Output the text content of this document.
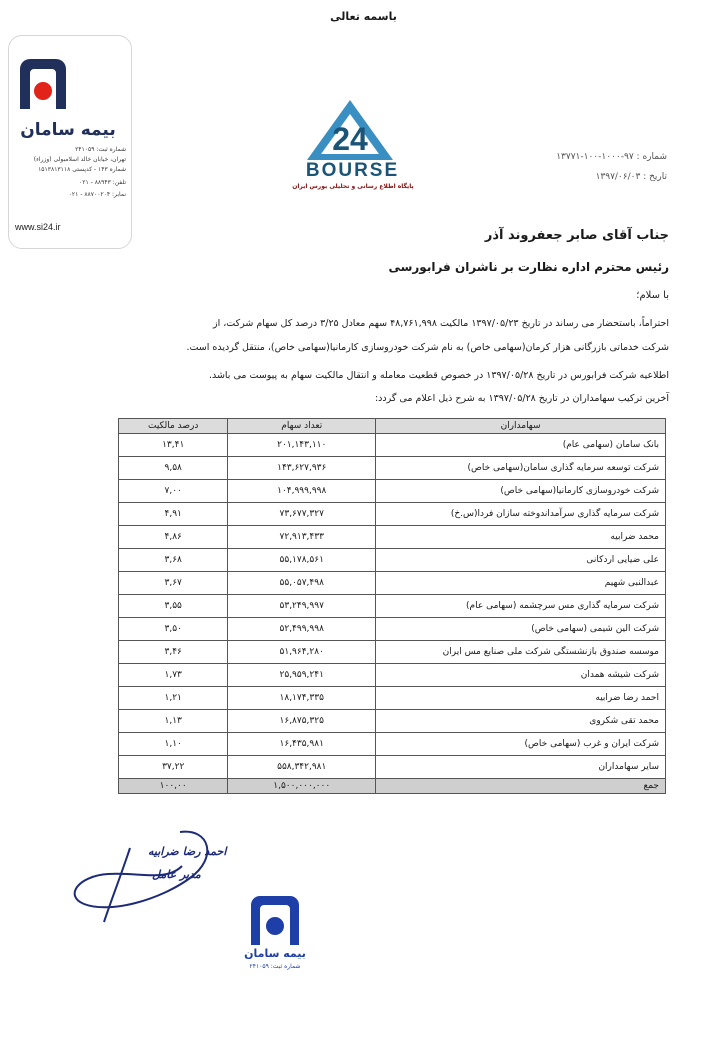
باسمه تعالی
بیمه سامان
شماره ثبت: ۲۴۱۰۵۹
تهران، خیابان خالد اسلامبولی (وزراء)
شماره ۱۴۳ - کدپستی ۱۵۱۳۸۱۳۱۱۸
تلفن: ۸۸۹۴۳ - ۰۲۱
نمابر: ۸۸۷۰۰۲۰۴ - ۰۲۱
www.si24.ir
24
BOURSE
پایگاه اطلاع رسانی و تحلیلی بورس ایران
شماره : ۹۷-۱۰۰۰-۱۰۰-۱۳۷۷۱
تاریخ : ۱۳۹۷/۰۶/۰۳
جناب آقای صابر جعفروند آذر
رئیس محترم اداره نظارت بر ناشران فرابورسی
با سلام؛
احتراماً، باستحضار می رساند در تاریخ ۱۳۹۷/۰۵/۲۳ مالکیت ۴۸,۷۶۱,۹۹۸ سهم معادل ۳/۲۵ درصد کل سهام شرکت، از
شرکت خدماتی بازرگانی هزار کرمان(سهامی خاص) به نام شرکت خودروسازی کارمانیا(سهامی خاص)، منتقل گردیده است.
اطلاعیه شرکت فرابورس در تاریخ ۱۳۹۷/۰۵/۲۸ در خصوص قطعیت معامله و انتقال مالکیت سهام به پیوست می باشد.
آخرین ترکیب سهامداران در تاریخ ۱۳۹۷/۰۵/۲۸ به شرح ذیل اعلام می گردد:
درصد مالکیت	تعداد سهام	سهامداران
۱۳,۴۱	۲۰۱,۱۴۳,۱۱۰	بانک سامان (سهامی عام)
۹,۵۸	۱۴۳,۶۲۷,۹۳۶	شرکت توسعه سرمایه گذاری سامان(سهامی خاص)
۷,۰۰	۱۰۴,۹۹۹,۹۹۸	شرکت خودروسازی کارمانیا(سهامی خاص)
۴,۹۱	۷۳,۶۷۷,۳۲۷	شرکت سرمایه گذاری سرآمداندوخته سازان فردا(س.خ)
۴,۸۶	۷۲,۹۱۳,۴۳۳	محمد ضرابیه
۳,۶۸	۵۵,۱۷۸,۵۶۱	علی ضیایی اردکانی
۳,۶۷	۵۵,۰۵۷,۴۹۸	عبدالنبی شهیم
۳,۵۵	۵۳,۲۴۹,۹۹۷	شرکت سرمایه گذاری مس سرچشمه (سهامی عام)
۳,۵۰	۵۲,۴۹۹,۹۹۸	شرکت الین شیمی (سهامی خاص)
۳,۴۶	۵۱,۹۶۴,۲۸۰	موسسه صندوق بازنشستگی شرکت ملی صنایع مس ایران
۱,۷۳	۲۵,۹۵۹,۲۴۱	شرکت شیشه همدان
۱,۲۱	۱۸,۱۷۴,۳۳۵	احمد رضا ضرابیه
۱,۱۳	۱۶,۸۷۵,۳۲۵	محمد تقی شکروی
۱,۱۰	۱۶,۴۳۵,۹۸۱	شرکت ایران و غرب (سهامی خاص)
۳۷,۲۲	۵۵۸,۳۴۲,۹۸۱	سایر سهامداران
۱۰۰,۰۰	۱,۵۰۰,۰۰۰,۰۰۰	جمع
احمد رضا ضرابیه
مدیر عامل
بیمه سامان
شماره ثبت: ۲۴۱۰۵۹
